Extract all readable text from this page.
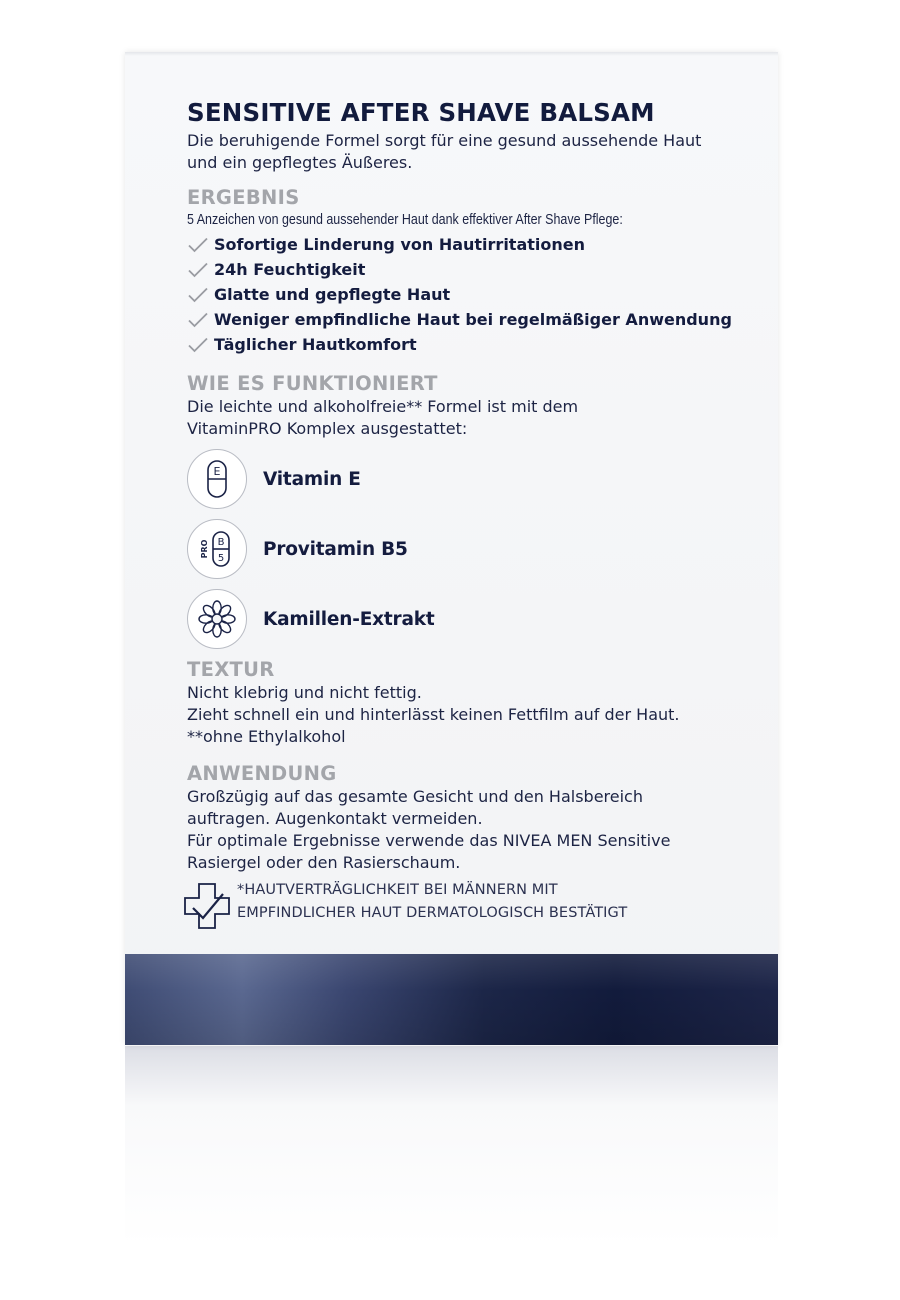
SENSITIVE AFTER SHAVE BALSAM
Die beruhigende Formel sorgt für eine gesund aussehende Haut
und ein gepflegtes Äußeres.
ERGEBNIS
5 Anzeichen von gesund aussehender Haut dank effektiver After Shave Pflege:
Sofortige Linderung von Hautirritationen
24h Feuchtigkeit
Glatte und gepflegte Haut
Weniger empfindliche Haut bei regelmäßiger Anwendung
Täglicher Hautkomfort
WIE ES FUNKTIONIERT
Die leichte und alkoholfreie** Formel ist mit dem
VitaminPRO Komplex ausgestattet:
E Vitamin E
B
5
PRO	Provitamin B5
Kamillen-Extrakt
TEXTUR
Nicht klebrig und nicht fettig.
Zieht schnell ein und hinterlässt keinen Fettfilm auf der Haut.
**ohne Ethylalkohol
ANWENDUNG
Großzügig auf das gesamte Gesicht und den Halsbereich
auftragen. Augenkontakt vermeiden.
Für optimale Ergebnisse verwende das NIVEA MEN Sensitive
Rasiergel oder den Rasierschaum.
*HAUTVERTRÄGLICHKEIT BEI MÄNNERN MIT
EMPFINDLICHER HAUT DERMATOLOGISCH BESTÄTIGT
